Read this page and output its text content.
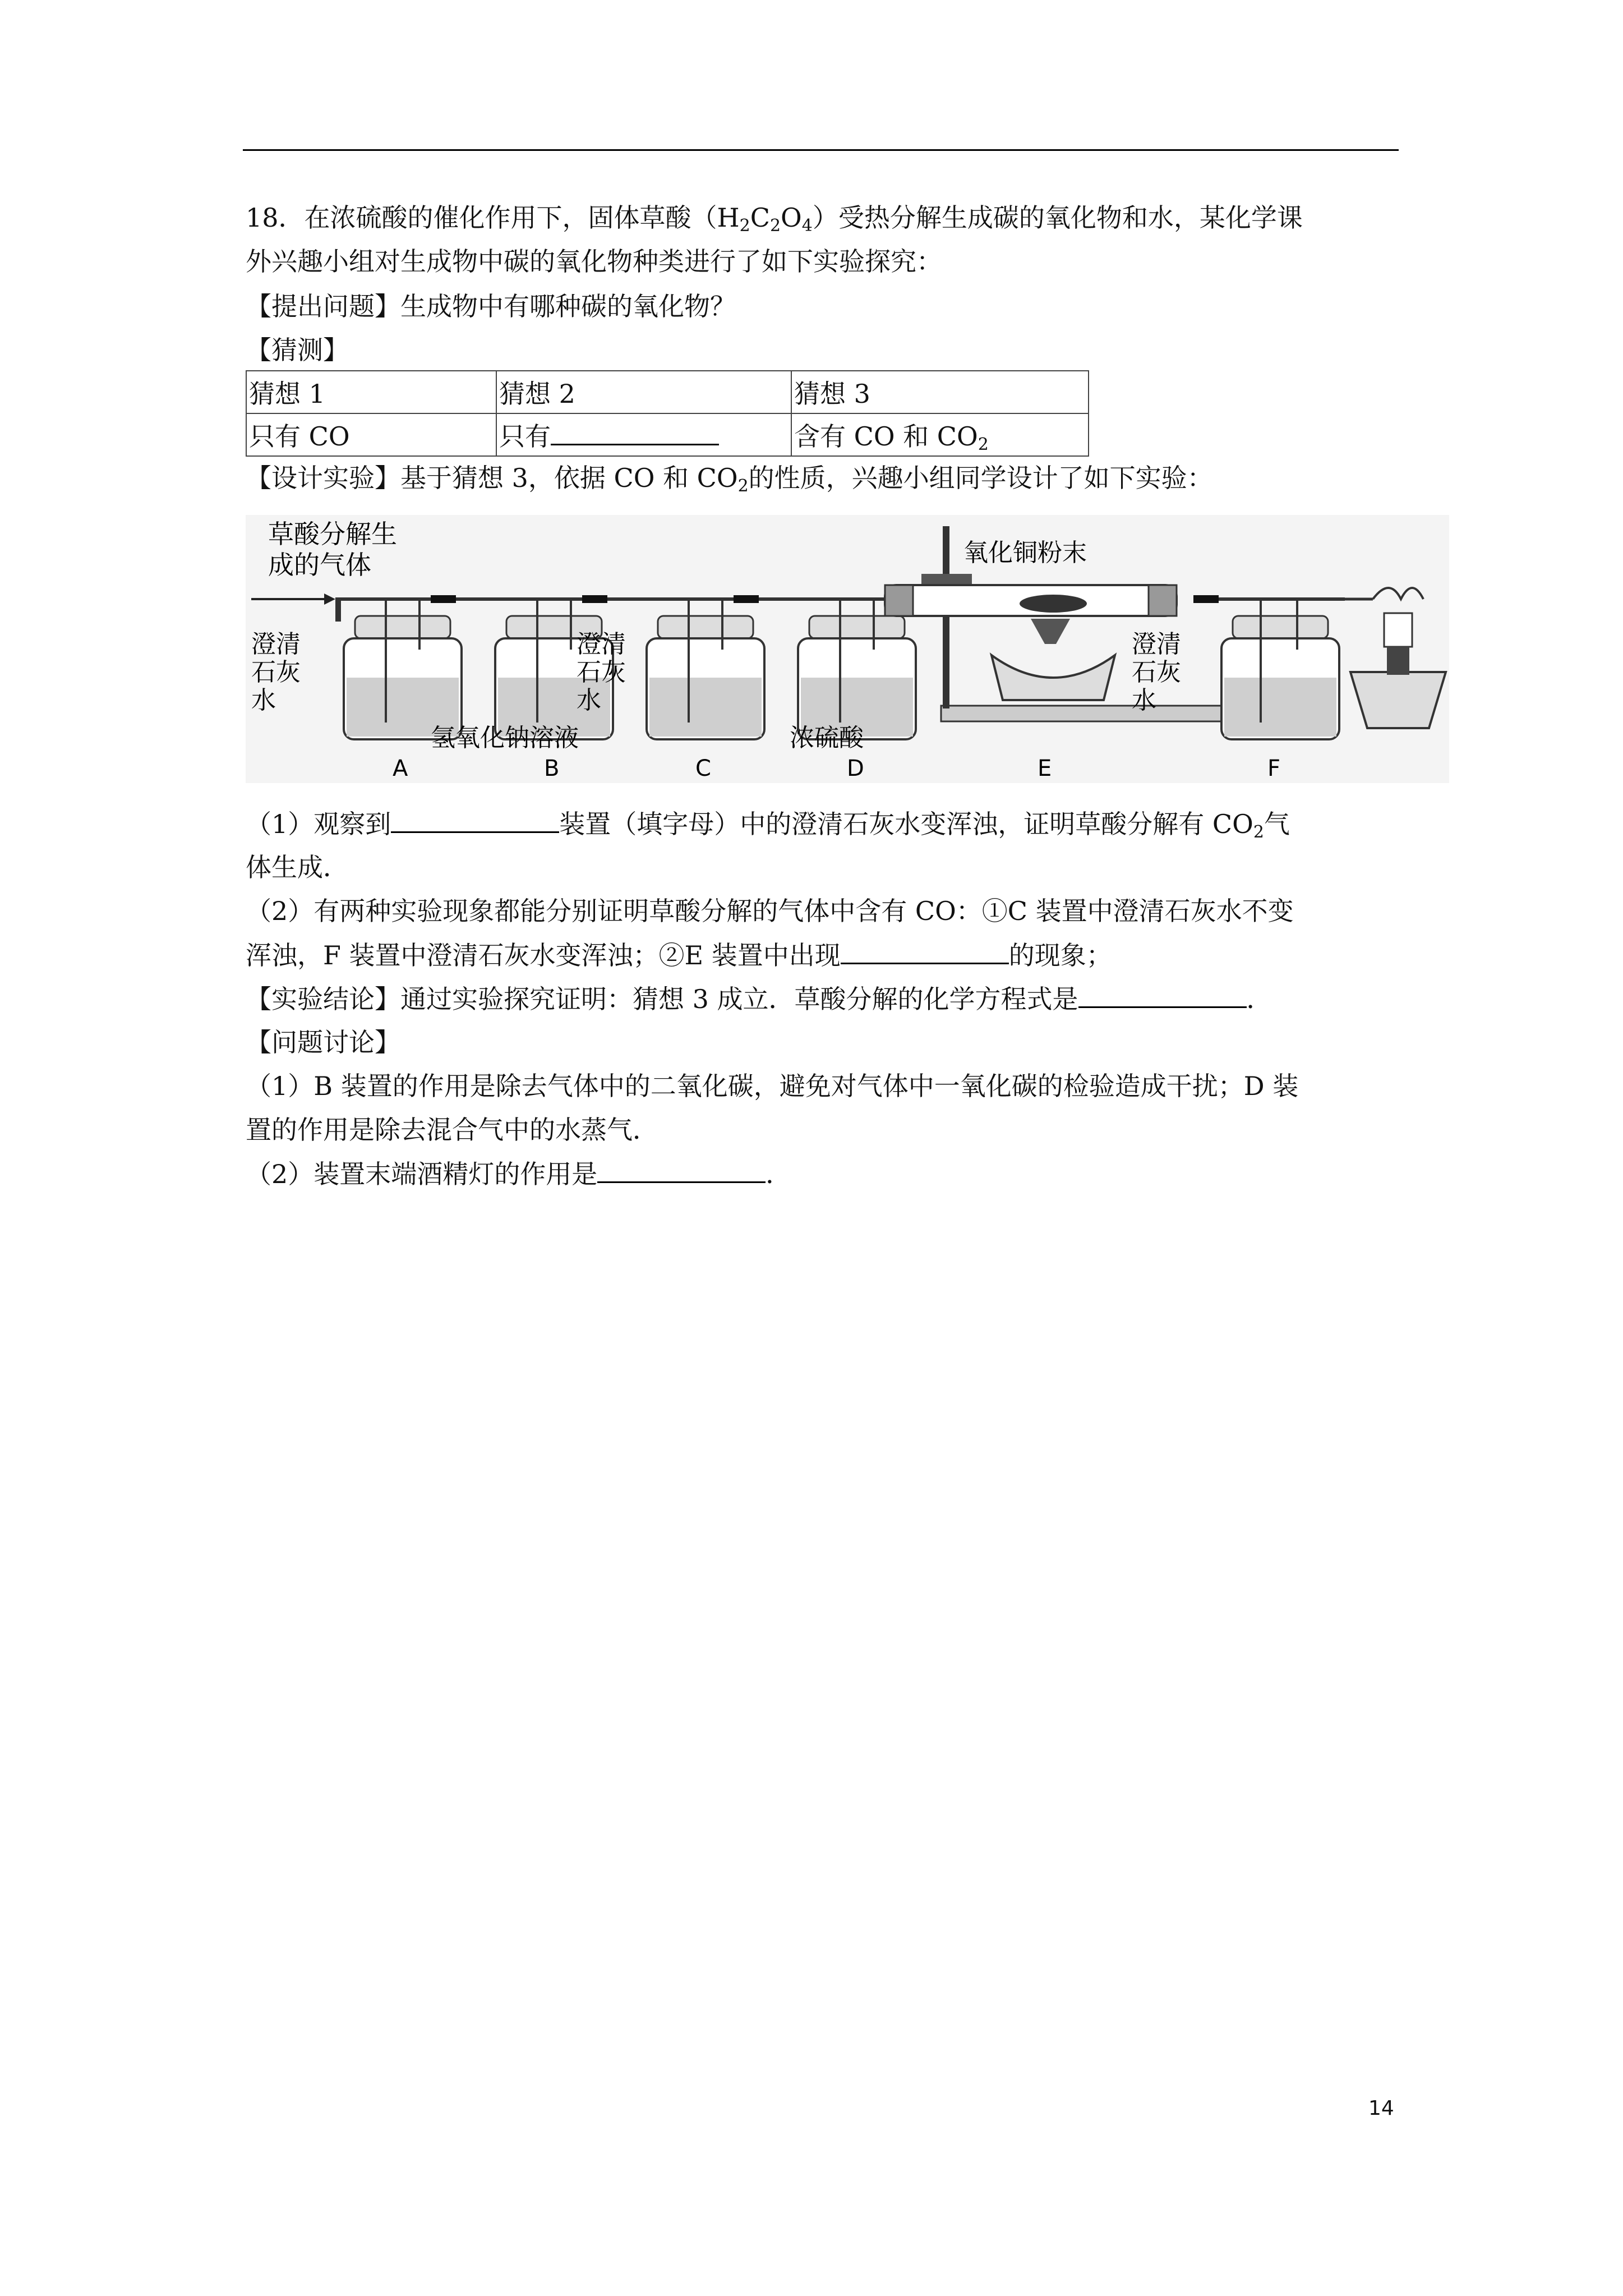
18．在浓硫酸的催化作用下，固体草酸$(H_2C_2O_4)$受热分解生成碳的氧化物和水，某化学课
外兴趣小组对生成物中碳的氧化物种类进行了如下实验探究：
【提出问题】生成物中有哪种碳的氧化物？
【猜测】
猜想 1	猜想 2	猜想 3
只有 CO	只有	含有 CO 和 $CO_2$
【设计实验】基于猜想 3，依据 CO 和 $CO_2$的性质，兴趣小组同学设计了如下实验：
草酸分解生
成的气体	氧化铜粉末
澄清
石灰
水
澄清
石灰
水
澄清
石灰
水
氢氧化钠溶液	浓硫酸
A	B	C	D	E	F
（1）观察到	装置（填字母）中的澄清石灰水变浑浊，证明草酸分解有 $CO_2$气
体生成．
（2）有两种实验现象都能分别证明草酸分解的气体中含有 CO：①C 装置中澄清石灰水不变
浑浊，F 装置中澄清石灰水变浑浊；②E 装置中出现	的现象；
【实验结论】通过实验探究证明：猜想 3 成立．草酸分解的化学方程式是	．
【问题讨论】
（1）B 装置的作用是除去气体中的二氧化碳，避免对气体中一氧化碳的检验造成干扰；D 装
置的作用是除去混合气中的水蒸气．
（2）装置末端酒精灯的作用是	．
14
